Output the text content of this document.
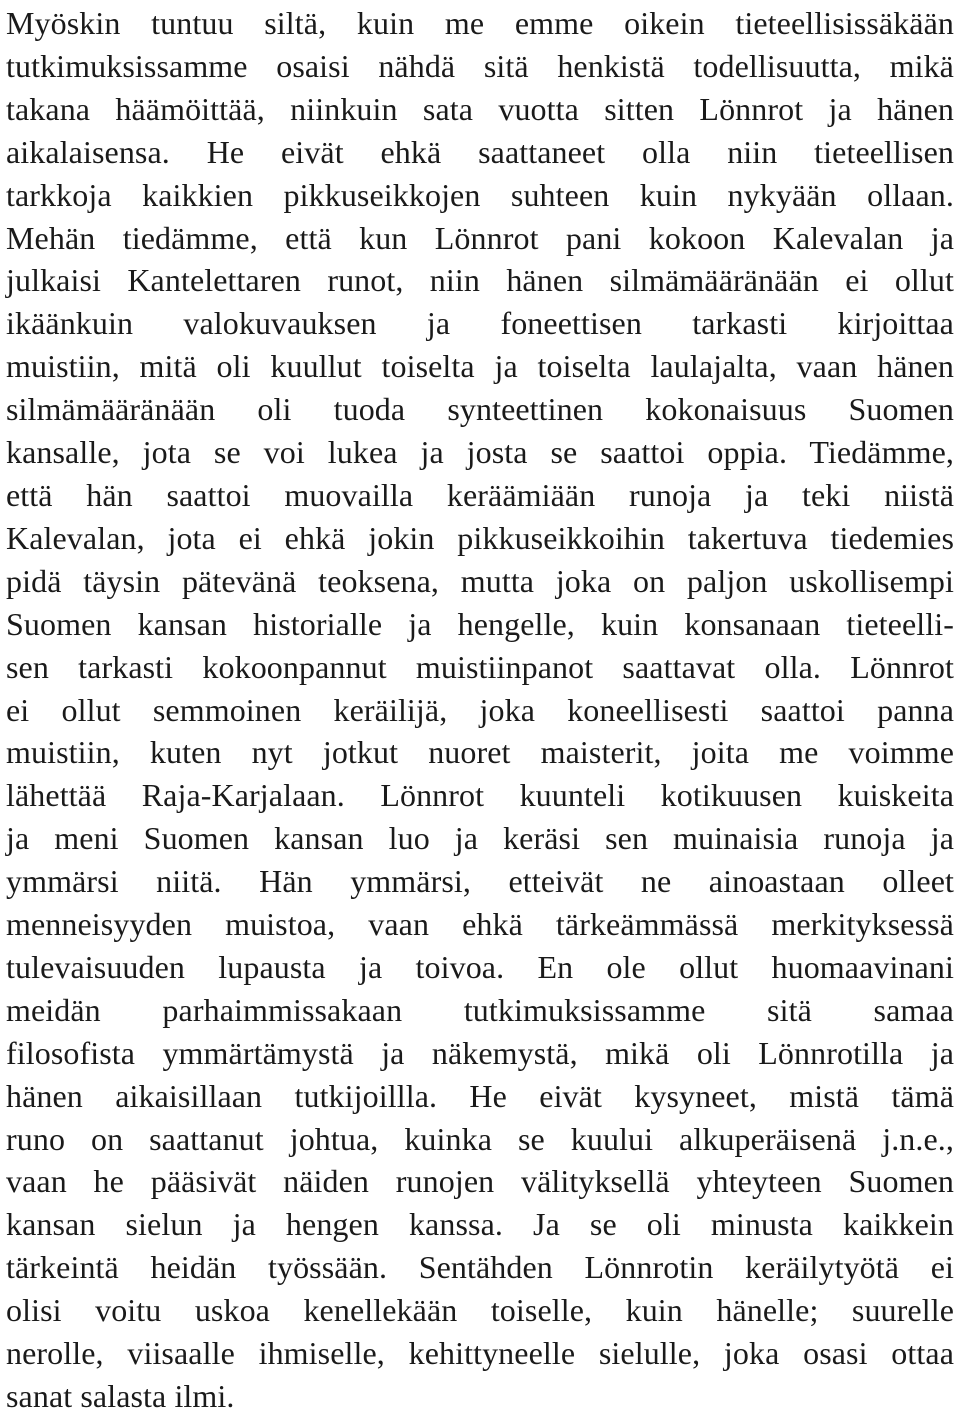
Myöskin tuntuu siltä, kuin me emme oikein tieteellisissäkään
tutkimuksissamme osaisi nähdä sitä henkistä todellisuutta, mikä
takana häämöittää, niinkuin sata vuotta sitten Lönnrot ja hänen
aikalaisensa. He eivät ehkä saattaneet olla niin tieteellisen
tarkkoja kaikkien pikkuseikkojen suhteen kuin nykyään ollaan.
Mehän tiedämme, että kun Lönnrot pani kokoon Kalevalan ja
julkaisi Kantelettaren runot, niin hänen silmämääränään ei ollut
ikäänkuin valokuvauksen ja foneettisen tarkasti kirjoittaa
muistiin, mitä oli kuullut toiselta ja toiselta laulajalta, vaan hänen
silmämääränään oli tuoda synteettinen kokonaisuus Suomen
kansalle, jota se voi lukea ja josta se saattoi oppia. Tiedämme,
että hän saattoi muovailla keräämiään runoja ja teki niistä
Kalevalan, jota ei ehkä jokin pikkuseikkoihin takertuva tiedemies
pidä täysin pätevänä teoksena, mutta joka on paljon uskollisempi
Suomen kansan historialle ja hengelle, kuin konsanaan tieteelli-
sen tarkasti kokoonpannut muistiinpanot saattavat olla. Lönnrot
ei ollut semmoinen keräilijä, joka koneellisesti saattoi panna
muistiin, kuten nyt jotkut nuoret maisterit, joita me voimme
lähettää Raja-Karjalaan. Lönnrot kuunteli kotikuusen kuiskeita
ja meni Suomen kansan luo ja keräsi sen muinaisia runoja ja
ymmärsi niitä. Hän ymmärsi, etteivät ne ainoastaan olleet
menneisyyden muistoa, vaan ehkä tärkeämmässä merkityksessä
tulevaisuuden lupausta ja toivoa. En ole ollut huomaavinani
meidän parhaimmissakaan tutkimuksissamme sitä samaa
filosofista ymmärtämystä ja näkemystä, mikä oli Lönnrotilla ja
hänen aikaisillaan tutkijoillla. He eivät kysyneet, mistä tämä
runo on saattanut johtua, kuinka se kuului alkuperäisenä j.n.e.,
vaan he pääsivät näiden runojen välityksellä yhteyteen Suomen
kansan sielun ja hengen kanssa. Ja se oli minusta kaikkein
tärkeintä heidän työssään. Sentähden Lönnrotin keräilytyötä ei
olisi voitu uskoa kenellekään toiselle, kuin hänelle; suurelle
nerolle, viisaalle ihmiselle, kehittyneelle sielulle, joka osasi ottaa
sanat salasta ilmi.
